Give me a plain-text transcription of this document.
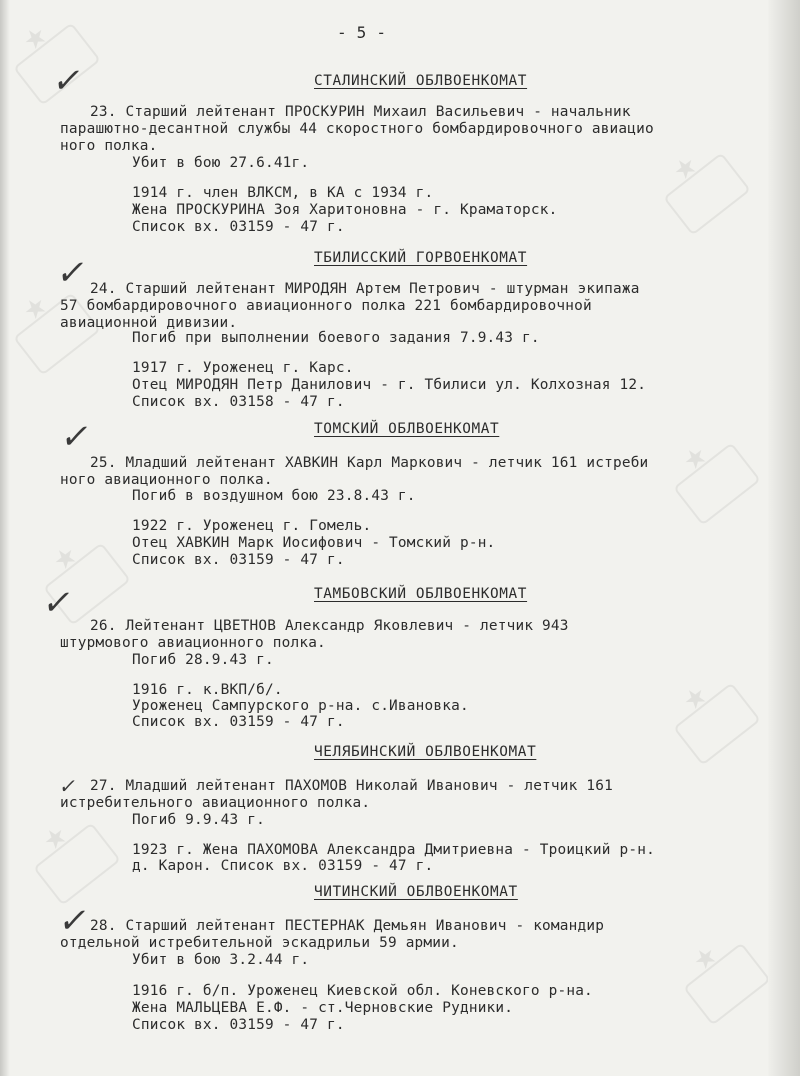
★
★
★
★
★
★
★
★
- 5 -
✓	СТАЛИНСКИЙ ОБЛВОЕНКОМАТ
23. Старший лейтенант ПРОСКУРИН Михаил Васильевич - начальник
парашютно-десантной службы 44 скоростного бомбардировочного авиацио
ного полка.
Убит в бою 27.6.41г.
1914 г. член ВЛКСМ, в КА с 1934 г.
Жена ПРОСКУРИНА Зоя Харитоновна - г. Краматорск.
Список вх. 03159 - 47 г.
✓	ТБИЛИССКИЙ ГОРВОЕНКОМАТ
24. Старший лейтенант МИРОДЯН Артем Петрович - штурман экипажа
57 бомбардировочного авиационного полка 221 бомбардировочной
авиационной дивизии.
Погиб при выполнении боевого задания 7.9.43 г.
1917 г. Уроженец г. Карс.
Отец МИРОДЯН Петр Данилович - г. Тбилиси ул. Колхозная 12.
Список вх. 03158 - 47 г.
✓	ТОМСКИЙ ОБЛВОЕНКОМАТ
25. Младший лейтенант ХАВКИН Карл Маркович - летчик 161 истреби
ного авиационного полка.
Погиб в воздушном бою 23.8.43 г.
1922 г. Уроженец г. Гомель.
Отец ХАВКИН Марк Иосифович - Томский р-н.
Список вх. 03159 - 47 г.
✓	ТАМБОВСКИЙ ОБЛВОЕНКОМАТ
26. Лейтенант ЦВЕТНОВ Александр Яковлевич - летчик 943
штурмового авиационного полка.
Погиб 28.9.43 г.
1916 г. к.ВКП/б/.
Уроженец Сампурского р-на. с.Ивановка.
Список вх. 03159 - 47 г.
✓
ЧЕЛЯБИНСКИЙ ОБЛВОЕНКОМАТ
27. Младший лейтенант ПАХОМОВ Николай Иванович - летчик 161
истребительного авиационного полка.
Погиб 9.9.43 г.
1923 г. Жена ПАХОМОВА Александра Дмитриевна - Троицкий р-н.
д. Карон. Список вх. 03159 - 47 г.
✓
ЧИТИНСКИЙ ОБЛВОЕНКОМАТ
28. Старший лейтенант ПЕСТЕРНАК Демьян Иванович - командир
отдельной истребительной эскадрильи 59 армии.
Убит в бою 3.2.44 г.
1916 г. б/п. Уроженец Киевской обл. Коневского р-на.
Жена МАЛЬЦЕВА Е.Ф. - ст.Черновские Рудники.
Список вх. 03159 - 47 г.
